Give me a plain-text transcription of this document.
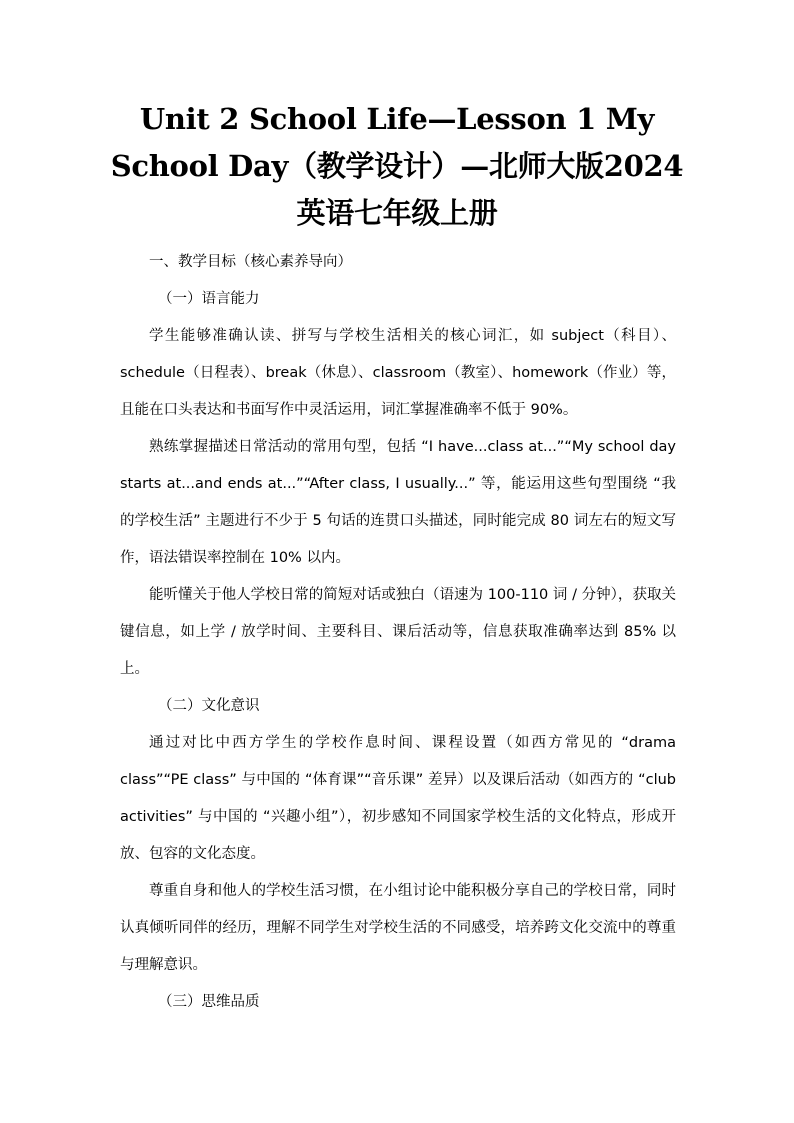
Unit 2 School Life—Lesson 1 My School Day（教学设计）—北师大版2024英语七年级上册

一、教学目标（核心素养导向）

（一）语言能力

学生能够准确认读、拼写与学校生活相关的核心词汇，如 subject（科目）、schedule（日程表）、break（休息）、classroom（教室）、homework（作业）等，且能在口头表达和书面写作中灵活运用，词汇掌握准确率不低于 90%。

熟练掌握描述日常活动的常用句型，包括 “I have...class at...”“My school day starts at...and ends at...”“After class, I usually...” 等，能运用这些句型围绕 “我的学校生活” 主题进行不少于 5 句话的连贯口头描述，同时能完成 80 词左右的短文写作，语法错误率控制在 10% 以内。

能听懂关于他人学校日常的简短对话或独白（语速为 100-110 词 / 分钟），获取关键信息，如上学 / 放学时间、主要科目、课后活动等，信息获取准确率达到 85% 以上。

（二）文化意识

通过对比中西方学生的学校作息时间、课程设置（如西方常见的 “drama class”“PE class” 与中国的 “体育课”“音乐课” 差异）以及课后活动（如西方的 “club activities” 与中国的 “兴趣小组”），初步感知不同国家学校生活的文化特点，形成开放、包容的文化态度。

尊重自身和他人的学校生活习惯，在小组讨论中能积极分享自己的学校日常，同时认真倾听同伴的经历，理解不同学生对学校生活的不同感受，培养跨文化交流中的尊重与理解意识。

（三）思维品质
